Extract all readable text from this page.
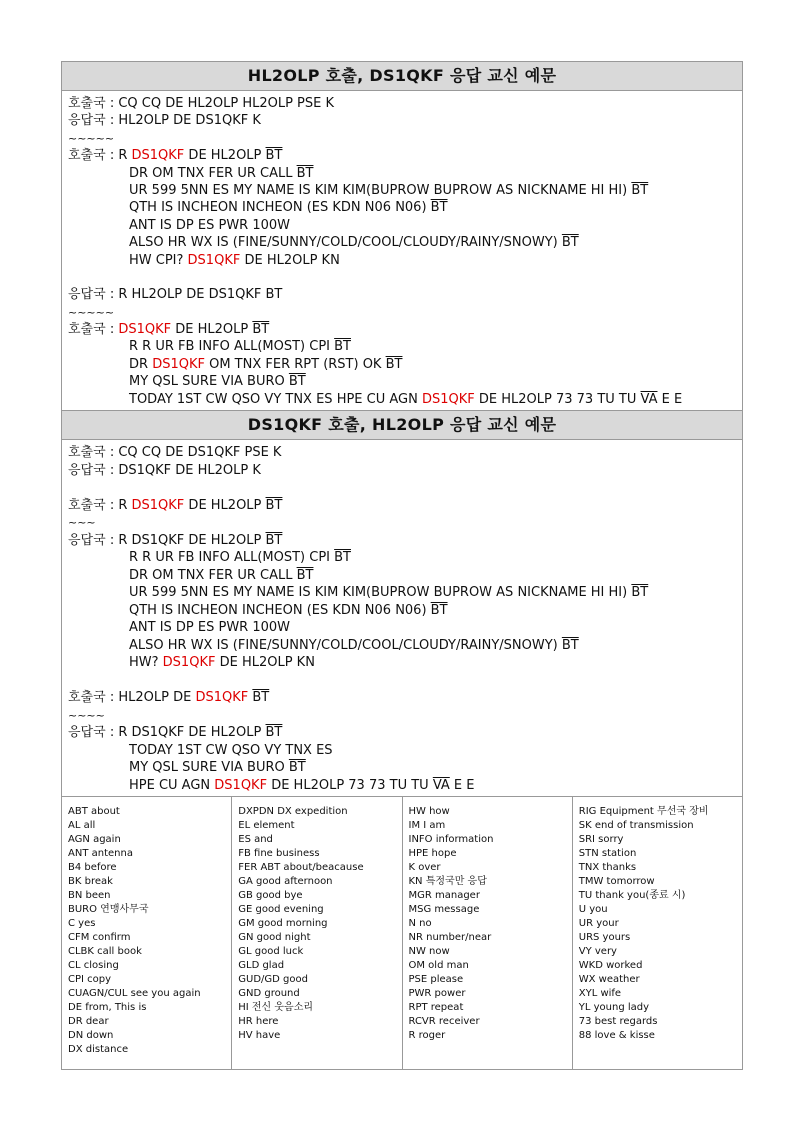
HL2OLP 호출, DS1QKF 응답 교신 예문
호출국 : CQ CQ DE HL2OLP HL2OLP PSE K
응답국 : HL2OLP DE DS1QKF K
~~~~~
호출국 : R DS1QKF DE HL2OLP $\overline{BT}$
DR OM TNX FER UR CALL $\overline{BT}$
UR 599 5NN ES MY NAME IS KIM KIM(BUPROW BUPROW AS NICKNAME HI HI) $\overline{BT}$
QTH IS INCHEON INCHEON (ES KDN N06 N06) $\overline{BT}$
ANT IS DP ES PWR 100W
ALSO HR WX IS (FINE/SUNNY/COLD/COOL/CLOUDY/RAINY/SNOWY) $\overline{BT}$
HW CPI? DS1QKF DE HL2OLP KN

응답국 : R HL2OLP DE DS1QKF BT
~~~~~
호출국 : DS1QKF DE HL2OLP $\overline{BT}$
R R UR FB INFO ALL(MOST) CPI $\overline{BT}$
DR DS1QKF OM TNX FER RPT (RST) OK $\overline{BT}$
MY QSL SURE VIA BURO $\overline{BT}$
TODAY 1ST CW QSO VY TNX ES HPE CU AGN DS1QKF DE HL2OLP 73 73 TU TU $\overline{VA}$ E E
DS1QKF 호출, HL2OLP 응답 교신 예문
호출국 : CQ CQ DE DS1QKF PSE K
응답국 : DS1QKF DE HL2OLP K

호출국 : R DS1QKF DE HL2OLP $\overline{BT}$
~~~
응답국 : R DS1QKF DE HL2OLP $\overline{BT}$
R R UR FB INFO ALL(MOST) CPI $\overline{BT}$
DR OM TNX FER UR CALL $\overline{BT}$
UR 599 5NN ES MY NAME IS KIM KIM(BUPROW BUPROW AS NICKNAME HI HI) $\overline{BT}$
QTH IS INCHEON INCHEON (ES KDN N06 N06) $\overline{BT}$
ANT IS DP ES PWR 100W
ALSO HR WX IS (FINE/SUNNY/COLD/COOL/CLOUDY/RAINY/SNOWY) $\overline{BT}$
HW? DS1QKF DE HL2OLP KN

호출국 : HL2OLP DE DS1QKF $\overline{BT}$
~~~~
응답국 : R DS1QKF DE HL2OLP $\overline{BT}$
TODAY 1ST CW QSO VY TNX ES
MY QSL SURE VIA BURO $\overline{BT}$
HPE CU AGN DS1QKF DE HL2OLP 73 73 TU TU $\overline{VA}$ E E
ABT about
AL all
AGN again
ANT antenna
B4 before
BK break
BN been
BURO 연맹사무국
C yes
CFM confirm
CLBK call book
CL closing
CPI copy
CUAGN/CUL see you again
DE from, This is
DR dear
DN down
DX distance
DXPDN DX expedition
EL element
ES and
FB fine business
FER ABT about/beacause
GA good afternoon
GB good bye
GE good evening
GM good morning
GN good night
GL good luck
GLD glad
GUD/GD good
GND ground
HI 전신 웃음소리
HR here
HV have
HW how
IM I am
INFO information
HPE hope
K over
KN 특정국만 응답
MGR manager
MSG message
N no
NR number/near
NW now
OM old man
PSE please
PWR power
RPT repeat
RCVR receiver
R roger
RIG Equipment 무선국 장비
SK end of transmission
SRI sorry
STN station
TNX thanks
TMW tomorrow
TU thank you(종료 시)
U you
UR your
URS yours
VY very
WKD worked
WX weather
XYL wife
YL young lady
73 best regards
88 love & kisse
